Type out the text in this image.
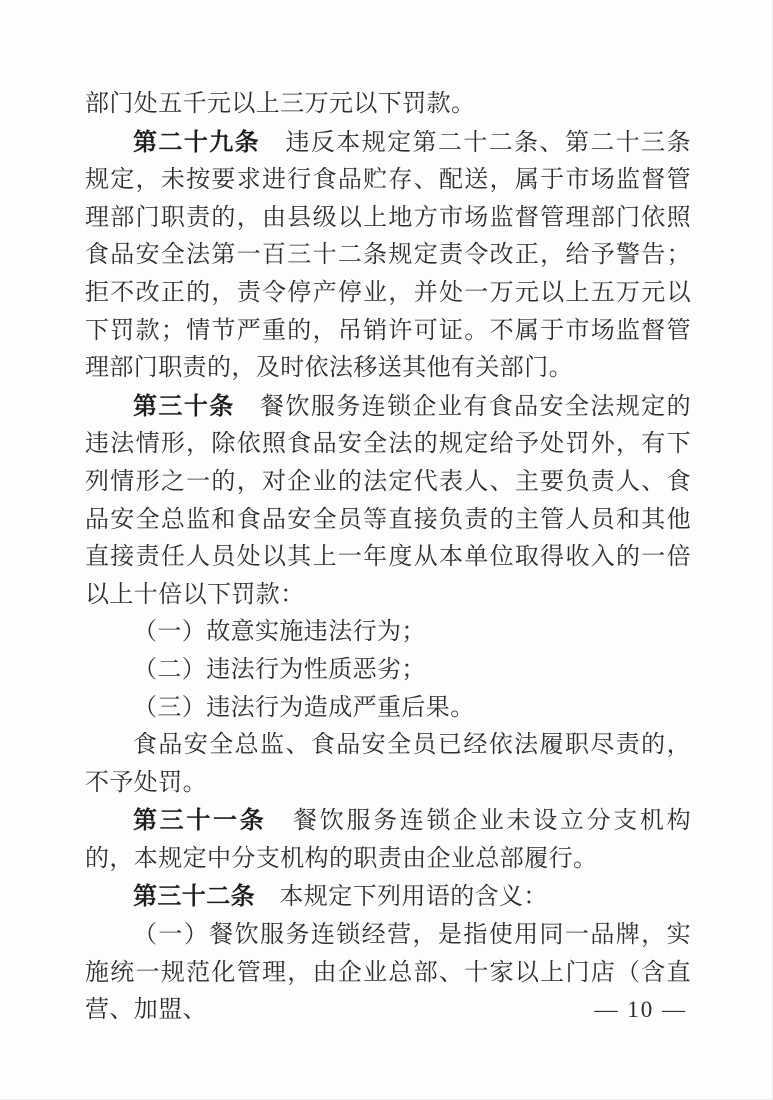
部门处五千元以上三万元以下罚款。

第二十九条　违反本规定第二十二条、第二十三条规定，未按要求进行食品贮存、配送，属于市场监督管理部门职责的，由县级以上地方市场监督管理部门依照食品安全法第一百三十二条规定责令改正，给予警告；拒不改正的，责令停产停业，并处一万元以上五万元以下罚款；情节严重的，吊销许可证。不属于市场监督管理部门职责的，及时依法移送其他有关部门。

第三十条　餐饮服务连锁企业有食品安全法规定的违法情形，除依照食品安全法的规定给予处罚外，有下列情形之一的，对企业的法定代表人、主要负责人、食品安全总监和食品安全员等直接负责的主管人员和其他直接责任人员处以其上一年度从本单位取得收入的一倍以上十倍以下罚款：

（一）故意实施违法行为；

（二）违法行为性质恶劣；

（三）违法行为造成严重后果。

食品安全总监、食品安全员已经依法履职尽责的，不予处罚。

第三十一条　餐饮服务连锁企业未设立分支机构的，本规定中分支机构的职责由企业总部履行。

第三十二条　本规定下列用语的含义：

（一）餐饮服务连锁经营，是指使用同一品牌，实施统一规范化管理，由企业总部、十家以上门店（含直营、加盟、	— 10 —
